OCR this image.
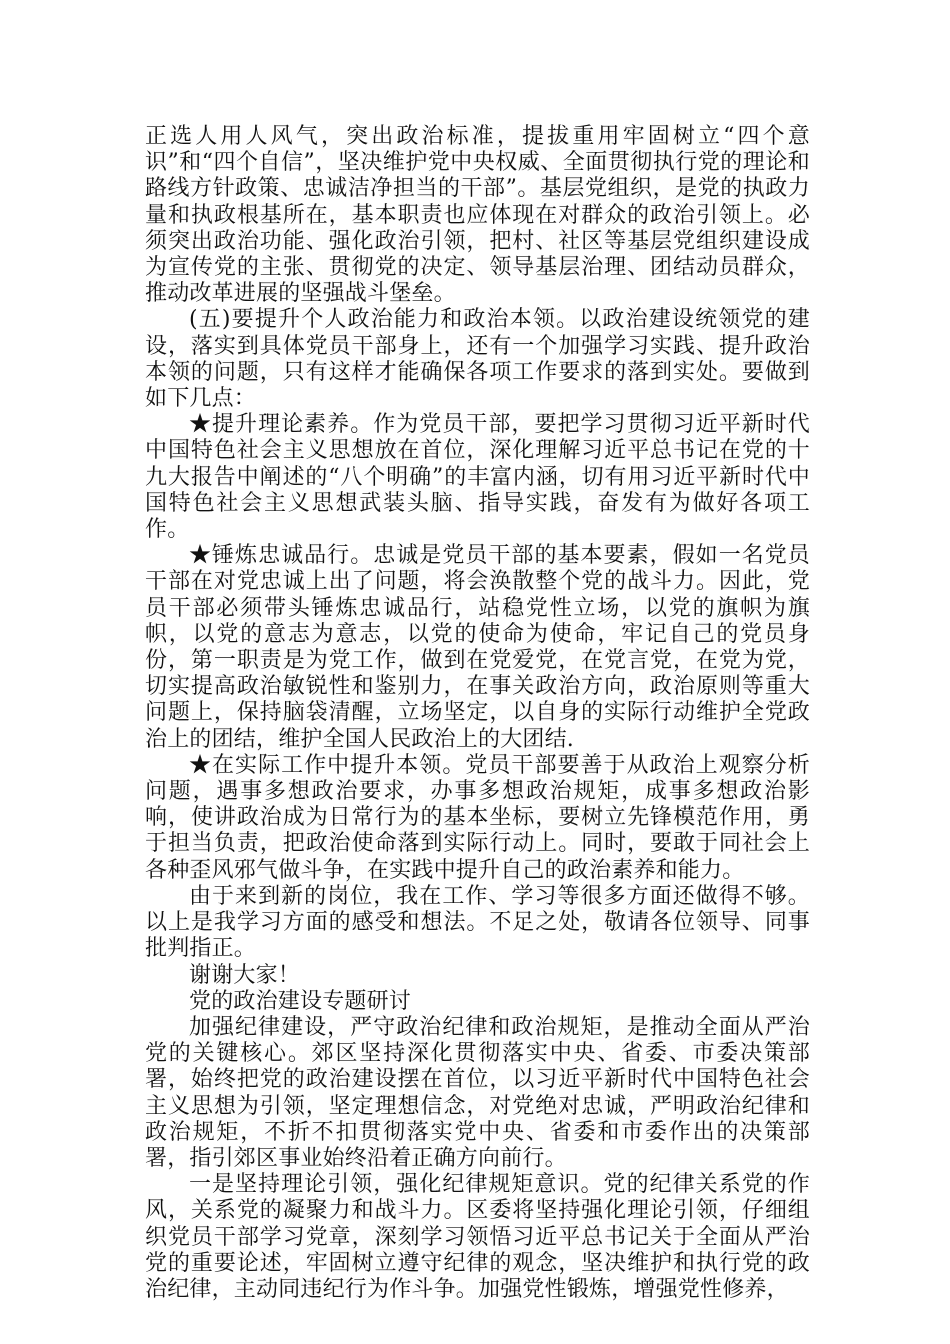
正选人用人风气，突出政治标准，提拔重用牢固树立“四个意识”和“四个自信”，坚决维护党中央权威、全面贯彻执行党的理论和路线方针政策、忠诚洁净担当的干部”。基层党组织，是党的执政力量和执政根基所在，基本职责也应体现在对群众的政治引领上。必须突出政治功能、强化政治引领，把村、社区等基层党组织建设成为宣传党的主张、贯彻党的决定、领导基层治理、团结动员群众，推动改革进展的坚强战斗堡垒。

(五)要提升个人政治能力和政治本领。以政治建设统领党的建设，落实到具体党员干部身上，还有一个加强学习实践、提升政治本领的问题，只有这样才能确保各项工作要求的落到实处。要做到如下几点：

★提升理论素养。作为党员干部，要把学习贯彻习近平新时代中国特色社会主义思想放在首位，深化理解习近平总书记在党的十九大报告中阐述的“八个明确”的丰富内涵，切有用习近平新时代中国特色社会主义思想武装头脑、指导实践，奋发有为做好各项工作。

★锤炼忠诚品行。忠诚是党员干部的基本要素，假如一名党员干部在对党忠诚上出了问题，将会涣散整个党的战斗力。因此，党员干部必须带头锤炼忠诚品行，站稳党性立场，以党的旗帜为旗帜，以党的意志为意志，以党的使命为使命，牢记自己的党员身份，第一职责是为党工作，做到在党爱党，在党言党，在党为党，切实提高政治敏锐性和鉴别力，在事关政治方向，政治原则等重大问题上，保持脑袋清醒，立场坚定，以自身的实际行动维护全党政治上的团结，维护全国人民政治上的大团结.

★在实际工作中提升本领。党员干部要善于从政治上观察分析问题，遇事多想政治要求，办事多想政治规矩，成事多想政治影响，使讲政治成为日常行为的基本坐标，要树立先锋模范作用，勇于担当负责，把政治使命落到实际行动上。同时，要敢于同社会上各种歪风邪气做斗争，在实践中提升自己的政治素养和能力。

由于来到新的岗位，我在工作、学习等很多方面还做得不够。以上是我学习方面的感受和想法。不足之处，敬请各位领导、同事批判指正。

谢谢大家！

党的政治建设专题研讨

加强纪律建设，严守政治纪律和政治规矩，是推动全面从严治党的关键核心。郊区坚持深化贯彻落实中央、省委、市委决策部署，始终把党的政治建设摆在首位，以习近平新时代中国特色社会主义思想为引领，坚定理想信念，对党绝对忠诚，严明政治纪律和政治规矩，不折不扣贯彻落实党中央、省委和市委作出的决策部署，指引郊区事业始终沿着正确方向前行。

一是坚持理论引领，强化纪律规矩意识。党的纪律关系党的作风，关系党的凝聚力和战斗力。区委将坚持强化理论引领，仔细组织党员干部学习党章，深刻学习领悟习近平总书记关于全面从严治党的重要论述，牢固树立遵守纪律的观念，坚决维护和执行党的政治纪律，主动同违纪行为作斗争。加强党性锻炼，增强党性修养，
